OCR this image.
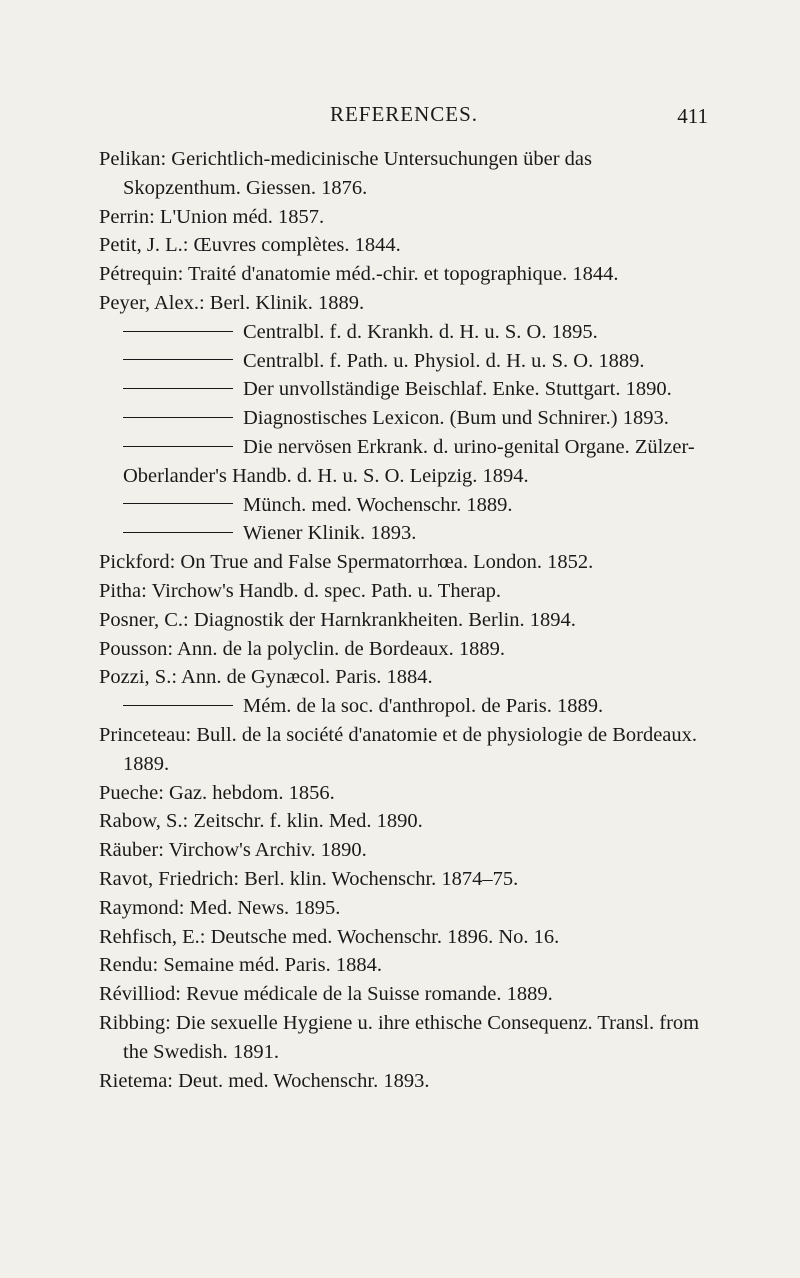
REFERENCES.	411

Pelikan: Gerichtlich-medicinische Untersuchungen über das Skopzenthum. Giessen. 1876.

Perrin: L'Union méd. 1857.

Petit, J. L.: Œuvres complètes. 1844.

Pétrequin: Traité d'anatomie méd.-chir. et topographique. 1844.

Peyer, Alex.: Berl. Klinik. 1889.

Centralbl. f. d. Krankh. d. H. u. S. O. 1895.

Centralbl. f. Path. u. Physiol. d. H. u. S. O. 1889.

Der unvollständige Beischlaf. Enke. Stuttgart. 1890.

Diagnostisches Lexicon. (Bum und Schnirer.) 1893.

Die nervösen Erkrank. d. urino-genital Organe. Zülzer-Oberlander's Handb. d. H. u. S. O. Leipzig. 1894.

Münch. med. Wochenschr. 1889.

Wiener Klinik. 1893.

Pickford: On True and False Spermatorrhœa. London. 1852.

Pitha: Virchow's Handb. d. spec. Path. u. Therap.

Posner, C.: Diagnostik der Harnkrankheiten. Berlin. 1894.

Pousson: Ann. de la polyclin. de Bordeaux. 1889.

Pozzi, S.: Ann. de Gynæcol. Paris. 1884.

Mém. de la soc. d'anthropol. de Paris. 1889.

Princeteau: Bull. de la société d'anatomie et de physiologie de Bordeaux. 1889.

Pueche: Gaz. hebdom. 1856.

Rabow, S.: Zeitschr. f. klin. Med. 1890.

Räuber: Virchow's Archiv. 1890.

Ravot, Friedrich: Berl. klin. Wochenschr. 1874–75.

Raymond: Med. News. 1895.

Rehfisch, E.: Deutsche med. Wochenschr. 1896. No. 16.

Rendu: Semaine méd. Paris. 1884.

Révilliod: Revue médicale de la Suisse romande. 1889.

Ribbing: Die sexuelle Hygiene u. ihre ethische Consequenz. Transl. from the Swedish. 1891.

Rietema: Deut. med. Wochenschr. 1893.
